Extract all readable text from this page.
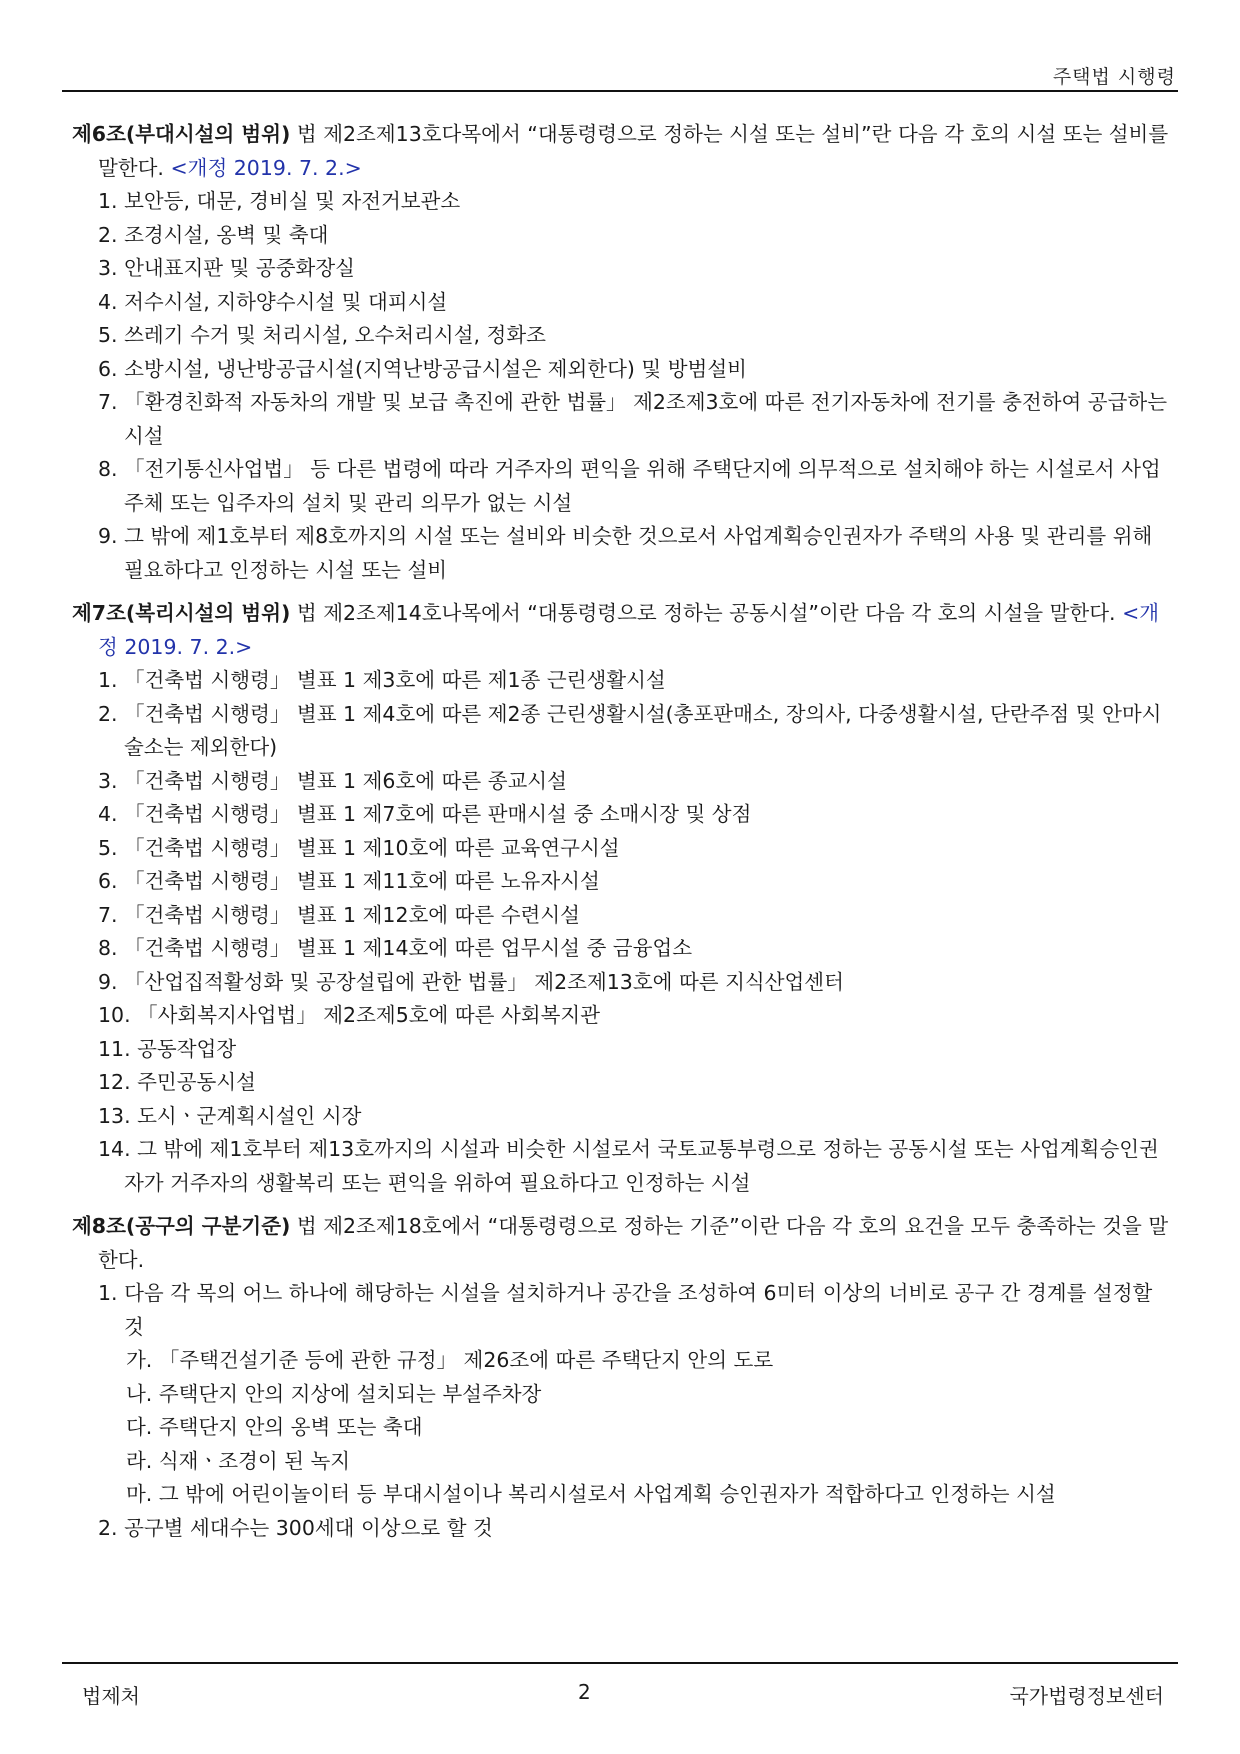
주택법 시행령
제6조(부대시설의 범위) 법 제2조제13호다목에서 “대통령령으로 정하는 시설 또는 설비”란 다음 각 호의 시설 또는 설비를 말한다. <개정 2019. 7. 2.>
1. 보안등, 대문, 경비실 및 자전거보관소
2. 조경시설, 옹벽 및 축대
3. 안내표지판 및 공중화장실
4. 저수시설, 지하양수시설 및 대피시설
5. 쓰레기 수거 및 처리시설, 오수처리시설, 정화조
6. 소방시설, 냉난방공급시설(지역난방공급시설은 제외한다) 및 방범설비
7. 「환경친화적 자동차의 개발 및 보급 촉진에 관한 법률」 제2조제3호에 따른 전기자동차에 전기를 충전하여 공급하는 시설
8. 「전기통신사업법」 등 다른 법령에 따라 거주자의 편익을 위해 주택단지에 의무적으로 설치해야 하는 시설로서 사업주체 또는 입주자의 설치 및 관리 의무가 없는 시설
9. 그 밖에 제1호부터 제8호까지의 시설 또는 설비와 비슷한 것으로서 사업계획승인권자가 주택의 사용 및 관리를 위해 필요하다고 인정하는 시설 또는 설비
제7조(복리시설의 범위) 법 제2조제14호나목에서 “대통령령으로 정하는 공동시설”이란 다음 각 호의 시설을 말한다. <개정 2019. 7. 2.>
1. 「건축법 시행령」 별표 1 제3호에 따른 제1종 근린생활시설
2. 「건축법 시행령」 별표 1 제4호에 따른 제2종 근린생활시설(총포판매소, 장의사, 다중생활시설, 단란주점 및 안마시술소는 제외한다)
3. 「건축법 시행령」 별표 1 제6호에 따른 종교시설
4. 「건축법 시행령」 별표 1 제7호에 따른 판매시설 중 소매시장 및 상점
5. 「건축법 시행령」 별표 1 제10호에 따른 교육연구시설
6. 「건축법 시행령」 별표 1 제11호에 따른 노유자시설
7. 「건축법 시행령」 별표 1 제12호에 따른 수련시설
8. 「건축법 시행령」 별표 1 제14호에 따른 업무시설 중 금융업소
9. 「산업집적활성화 및 공장설립에 관한 법률」 제2조제13호에 따른 지식산업센터
10. 「사회복지사업법」 제2조제5호에 따른 사회복지관
11. 공동작업장
12. 주민공동시설
13. 도시ㆍ군계획시설인 시장
14. 그 밖에 제1호부터 제13호까지의 시설과 비슷한 시설로서 국토교통부령으로 정하는 공동시설 또는 사업계획승인권자가 거주자의 생활복리 또는 편익을 위하여 필요하다고 인정하는 시설
제8조(공구의 구분기준) 법 제2조제18호에서 “대통령령으로 정하는 기준”이란 다음 각 호의 요건을 모두 충족하는 것을 말한다.
1. 다음 각 목의 어느 하나에 해당하는 시설을 설치하거나 공간을 조성하여 6미터 이상의 너비로 공구 간 경계를 설정할 것
가. 「주택건설기준 등에 관한 규정」 제26조에 따른 주택단지 안의 도로
나. 주택단지 안의 지상에 설치되는 부설주차장
다. 주택단지 안의 옹벽 또는 축대
라. 식재ㆍ조경이 된 녹지
마. 그 밖에 어린이놀이터 등 부대시설이나 복리시설로서 사업계획 승인권자가 적합하다고 인정하는 시설
2. 공구별 세대수는 300세대 이상으로 할 것
법제처	2	국가법령정보센터
